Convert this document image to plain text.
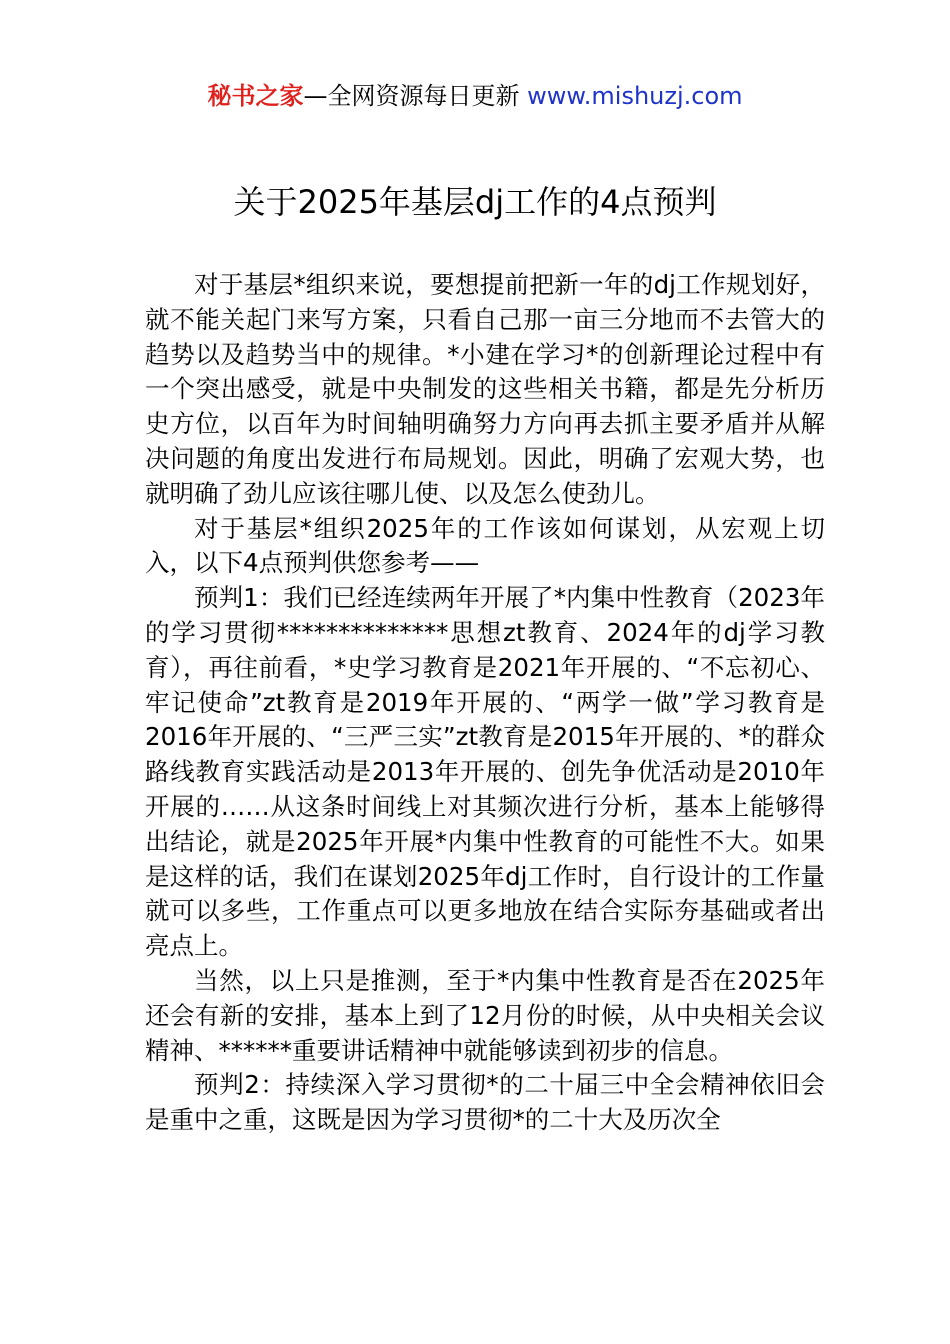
秘书之家—全网资源每日更新 www.mishuzj.com
关于2025年基层dj工作的4点预判

对于基层*组织来说，要想提前把新一年的dj工作规划好，就不能关起门来写方案，只看自己那一亩三分地而不去管大的趋势以及趋势当中的规律。*小建在学习*的创新理论过程中有一个突出感受，就是中央制发的这些相关书籍，都是先分析历史方位，以百年为时间轴明确努力方向再去抓主要矛盾并从解决问题的角度出发进行布局规划。因此，明确了宏观大势，也就明确了劲儿应该往哪儿使、以及怎么使劲儿。

对于基层*组织2025年的工作该如何谋划，从宏观上切入，以下4点预判供您参考——

预判1：我们已经连续两年开展了*内集中性教育（2023年的学习贯彻**************思想zt教育、2024年的dj学习教育），再往前看，*史学习教育是2021年开展的、“不忘初心、牢记使命”zt教育是2019年开展的、“两学一做”学习教育是2016年开展的、“三严三实”zt教育是2015年开展的、*的群众路线教育实践活动是2013年开展的、创先争优活动是2010年开展的……从这条时间线上对其频次进行分析，基本上能够得出结论，就是2025年开展*内集中性教育的可能性不大。如果是这样的话，我们在谋划2025年dj工作时，自行设计的工作量就可以多些，工作重点可以更多地放在结合实际夯基础或者出亮点上。

当然，以上只是推测，至于*内集中性教育是否在2025年还会有新的安排，基本上到了12月份的时候，从中央相关会议精神、******重要讲话精神中就能够读到初步的信息。

预判2：持续深入学习贯彻*的二十届三中全会精神依旧会是重中之重，这既是因为学习贯彻*的二十大及历次全
